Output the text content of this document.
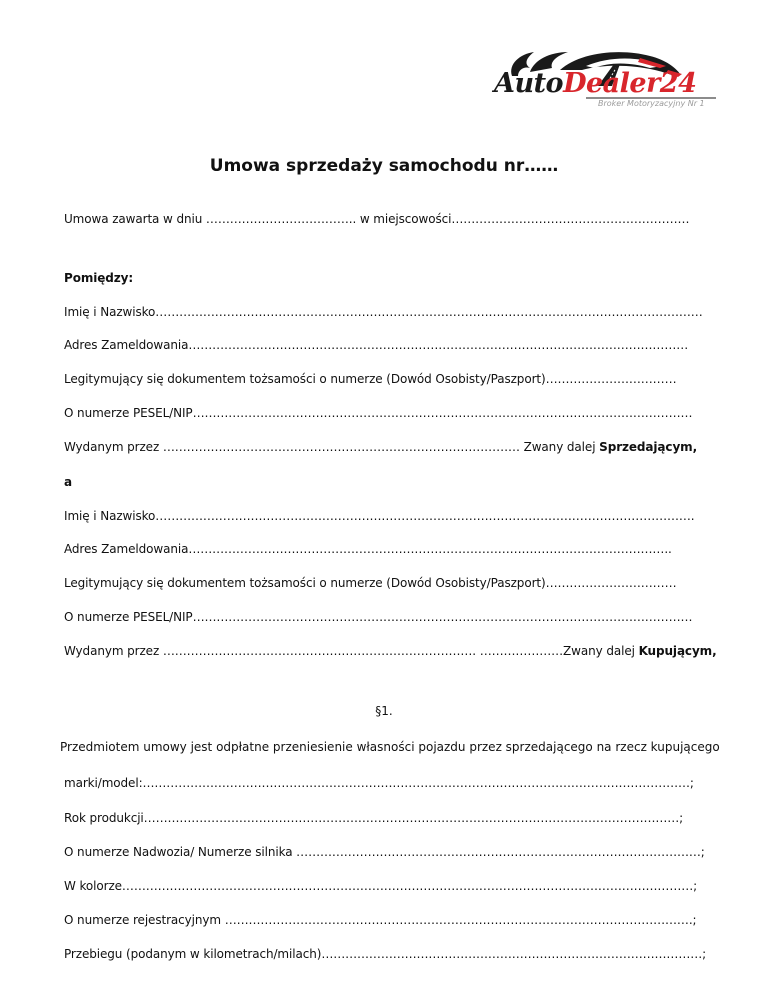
AutoDealer24
Broker Motoryzacyjny Nr 1
Umowa sprzedaży samochodu nr……
Umowa zawarta w dniu ……………………………….. w miejscowości……………………………………………………
Pomiędzy:
Imię i Nazwisko…………………………………………………………………………………………………………………………
Adres Zameldowania………………………………………………………………………………………………………………
Legitymujący się dokumentem tożsamości o numerze (Dowód Osobisty/Paszport)……………………………
O numerze PESEL/NIP………………………………………………………………………………………………………………
Wydanym przez ……………………………………………………………………………… Zwany dalej Sprzedającym,
a
Imię i Nazwisko……………………………………………………………………………………………………………………….
Adres Zameldowania…………………………………………………………………………………………………………..
Legitymujący się dokumentem tożsamości o numerze (Dowód Osobisty/Paszport)……………………………
O numerze PESEL/NIP………………………………………………………………………………………………………………
Wydanym przez ……………………………………………………………………. …………………Zwany dalej Kupującym,
§1.
Przedmiotem umowy jest odpłatne przeniesienie własności pojazdu przez sprzedającego na rzecz kupującego
marki/model:…………………………………………………………………………………………………………………………;
Rok produkcji………………………………………………………………………………………………………………………;
O numerze Nadwozia/ Numerze silnika …………………………………………………………………………………………;
W kolorze………………………………………………………………………………………………………………………………;
O numerze rejestracyjnym ……………………………………………………………………………………………………….;
Przebiegu (podanym w kilometrach/milach)……………………………………………………………………………………;
